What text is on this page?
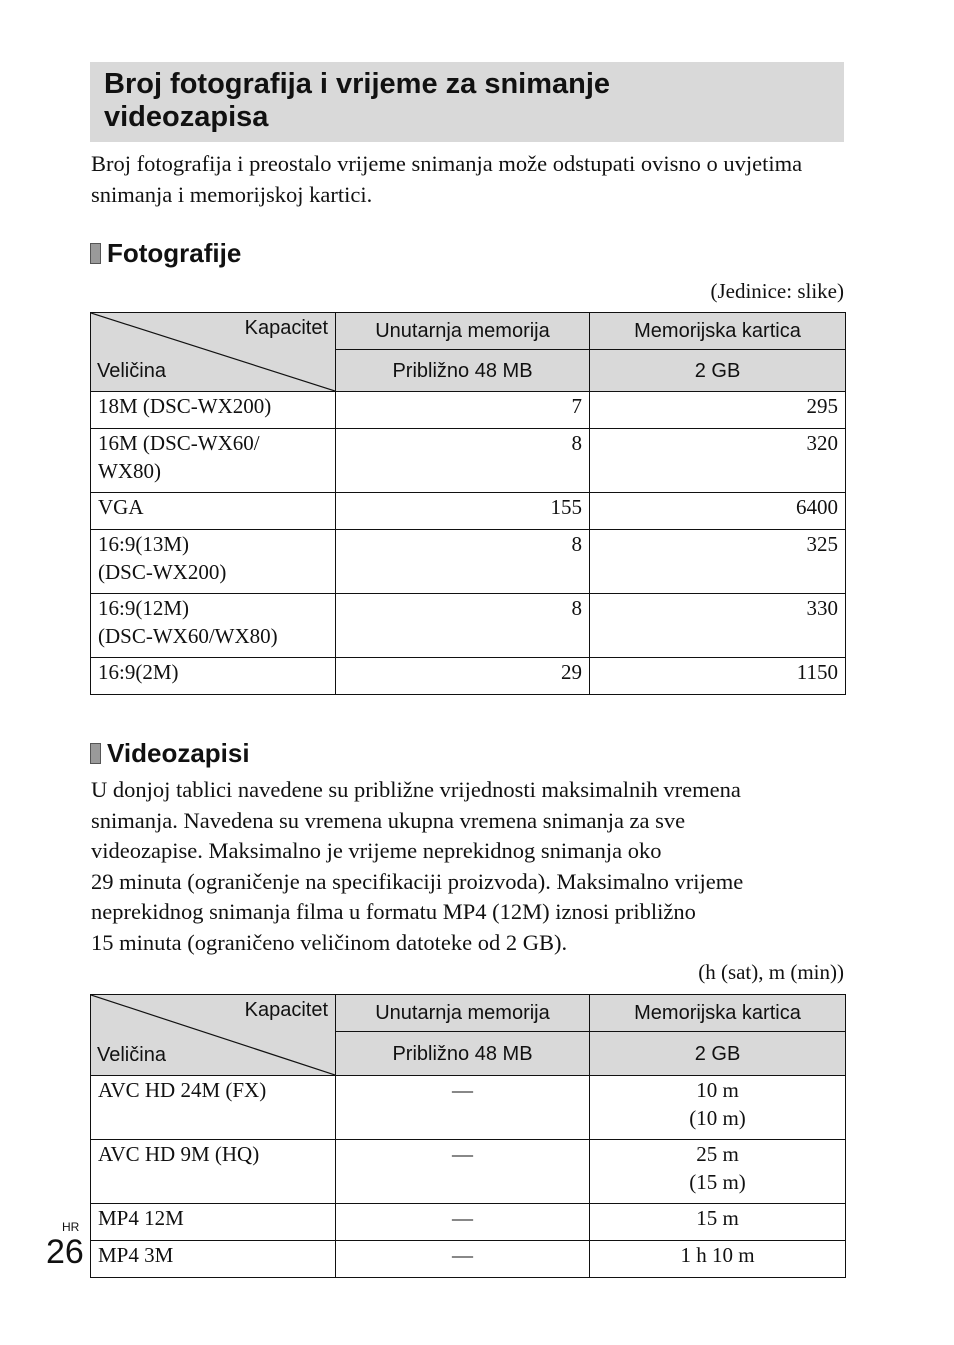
Broj fotografija i vrijeme za snimanje
videozapisa

Broj fotografija i preostalo vrijeme snimanja može odstupati ovisno o uvjetima snimanja i memorijskoj kartici.

Fotografije
(Jedinice: slike)
Kapacitet
Veličina	Unutarnja memorija	Memorijska kartica
	Približno 48 MB	2 GB
18M (DSC-WX200)	7	295
16M (DSC-WX60/
WX80)	8	320
VGA	155	6400
16:9(13M)
(DSC-WX200)	8	325
16:9(12M)
(DSC-WX60/WX80)	8	330
16:9(2M)	29	1150
Videozapisi

U donjoj tablici navedene su približne vrijednosti maksimalnih vremena
snimanja. Navedena su vremena ukupna vremena snimanja za sve
videozapise. Maksimalno je vrijeme neprekidnog snimanja oko
29 minuta (ograničenje na specifikaciji proizvoda). Maksimalno vrijeme
neprekidnog snimanja filma u formatu MP4 (12M) iznosi približno
15 minuta (ograničeno veličinom datoteke od 2 GB).

(h (sat), m (min))
Kapacitet
Veličina	Unutarnja memorija	Memorijska kartica
	Približno 48 MB	2 GB
AVC HD 24M (FX)	—	10 m
(10 m)
AVC HD 9M (HQ)	—	25 m
(15 m)
MP4 12M	—	15 m
MP4 3M	—	1 h 10 m
HR
26
